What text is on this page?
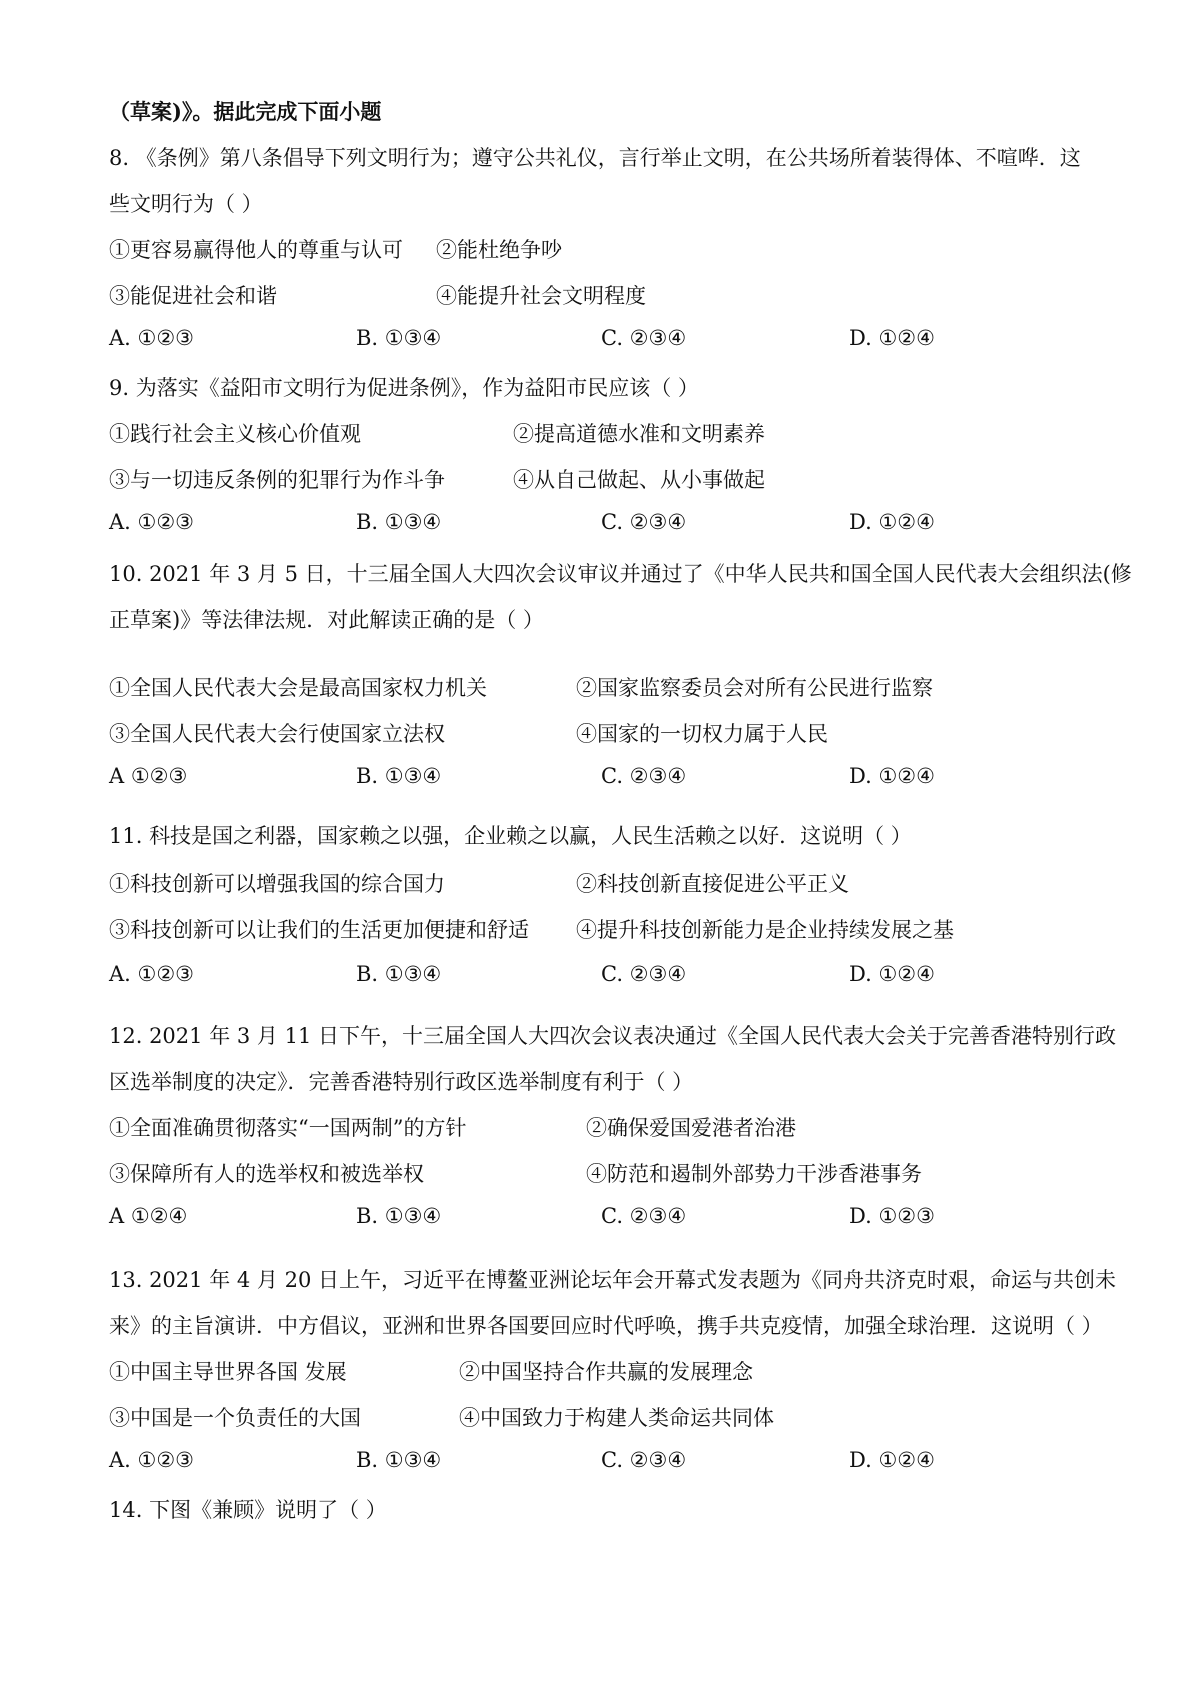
（草案)》。据此完成下面小题
8. 《条例》第八条倡导下列文明行为；遵守公共礼仪，言行举止文明，在公共场所着装得体、不喧哗．这
些文明行为（ ）
①更容易赢得他人的尊重与认可 ②能杜绝争吵
③能促进社会和谐	④能提升社会文明程度
A. ①②③	B. ①③④	C. ②③④	D. ①②④
9. 为落实《益阳市文明行为促进条例》，作为益阳市民应该（ ）
①践行社会主义核心价值观	②提高道德水准和文明素养
③与一切违反条例的犯罪行为作斗争	④从自己做起、从小事做起
A. ①②③	B. ①③④	C. ②③④	D. ①②④
10. 2021 年 3 月 5 日，十三届全国人大四次会议审议并通过了《中华人民共和国全国人民代表大会组织法(修
正草案)》等法律法规．对此解读正确的是（ ）
①全国人民代表大会是最高国家权力机关	②国家监察委员会对所有公民进行监察
③全国人民代表大会行使国家立法权	④国家的一切权力属于人民
A ①②③	B. ①③④	C. ②③④	D. ①②④
11. 科技是国之利器，国家赖之以强，企业赖之以赢，人民生活赖之以好．这说明（ ）
①科技创新可以增强我国的综合国力	②科技创新直接促进公平正义
③科技创新可以让我们的生活更加便捷和舒适 ④提升科技创新能力是企业持续发展之基
A. ①②③	B. ①③④	C. ②③④	D. ①②④
12. 2021 年 3 月 11 日下午，十三届全国人大四次会议表决通过《全国人民代表大会关于完善香港特别行政
区选举制度的决定》．完善香港特别行政区选举制度有利于（ ）
①全面准确贯彻落实“一国两制”的方针	②确保爱国爱港者治港
③保障所有人的选举权和被选举权	④防范和遏制外部势力干涉香港事务
A ①②④	B. ①③④	C. ②③④	D. ①②③
13. 2021 年 4 月 20 日上午，习近平在博鳌亚洲论坛年会开幕式发表题为《同舟共济克时艰，命运与共创未
来》的主旨演讲．中方倡议，亚洲和世界各国要回应时代呼唤，携手共克疫情，加强全球治理．这说明（ ）
①中国主导世界各国 发展	②中国坚持合作共赢的发展理念
③中国是一个负责任的大国	④中国致力于构建人类命运共同体
A. ①②③	B. ①③④	C. ②③④	D. ①②④
14. 下图《兼顾》说明了（ ）
